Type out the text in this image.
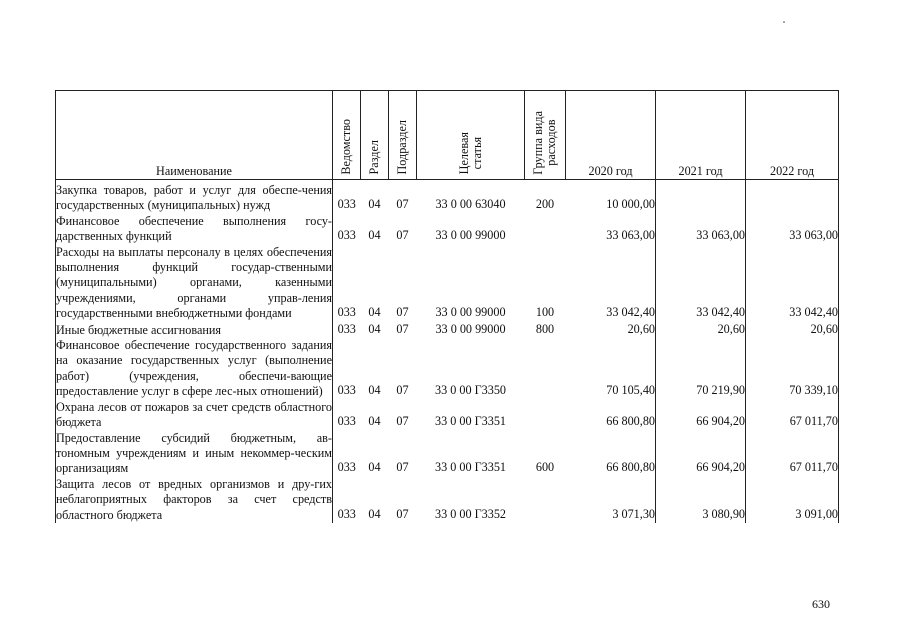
Наименование	Ведомство	Раздел	Подраздел	Целевая
статья	Группа вида
расходов	2020 год	2021 год	2022 год
Закупка товаров, работ и услуг для обеспе-чения государственных (муниципальных) нужд	033	04	07	33 0 00 63040	200	10 000,00		
Финансовое обеспечение выполнения госу-дарственных функций	033	04	07	33 0 00 99000		33 063,00	33 063,00	33 063,00
Расходы на выплаты персоналу в целях обеспечения выполнения функций государ-ственными (муниципальными) органами, казенными учреждениями, органами управ-ления государственными внебюджетными фондами	033	04	07	33 0 00 99000	100	33 042,40	33 042,40	33 042,40
Иные бюджетные ассигнования	033	04	07	33 0 00 99000	800	20,60	20,60	20,60
Финансовое обеспечение государственного задания на оказание государственных услуг (выполнение работ) (учреждения, обеспечи-вающие предоставление услуг в сфере лес-ных отношений)	033	04	07	33 0 00 Г3350		70 105,40	70 219,90	70 339,10
Охрана лесов от пожаров за счет средств областного бюджета	033	04	07	33 0 00 Г3351		66 800,80	66 904,20	67 011,70
Предоставление субсидий бюджетным, ав-тономным учреждениям и иным некоммер-ческим организациям	033	04	07	33 0 00 Г3351	600	66 800,80	66 904,20	67 011,70
Защита лесов от вредных организмов и дру-гих неблагоприятных факторов за счет средств областного бюджета	033	04	07	33 0 00 Г3352		3 071,30	3 080,90	3 091,00
630
